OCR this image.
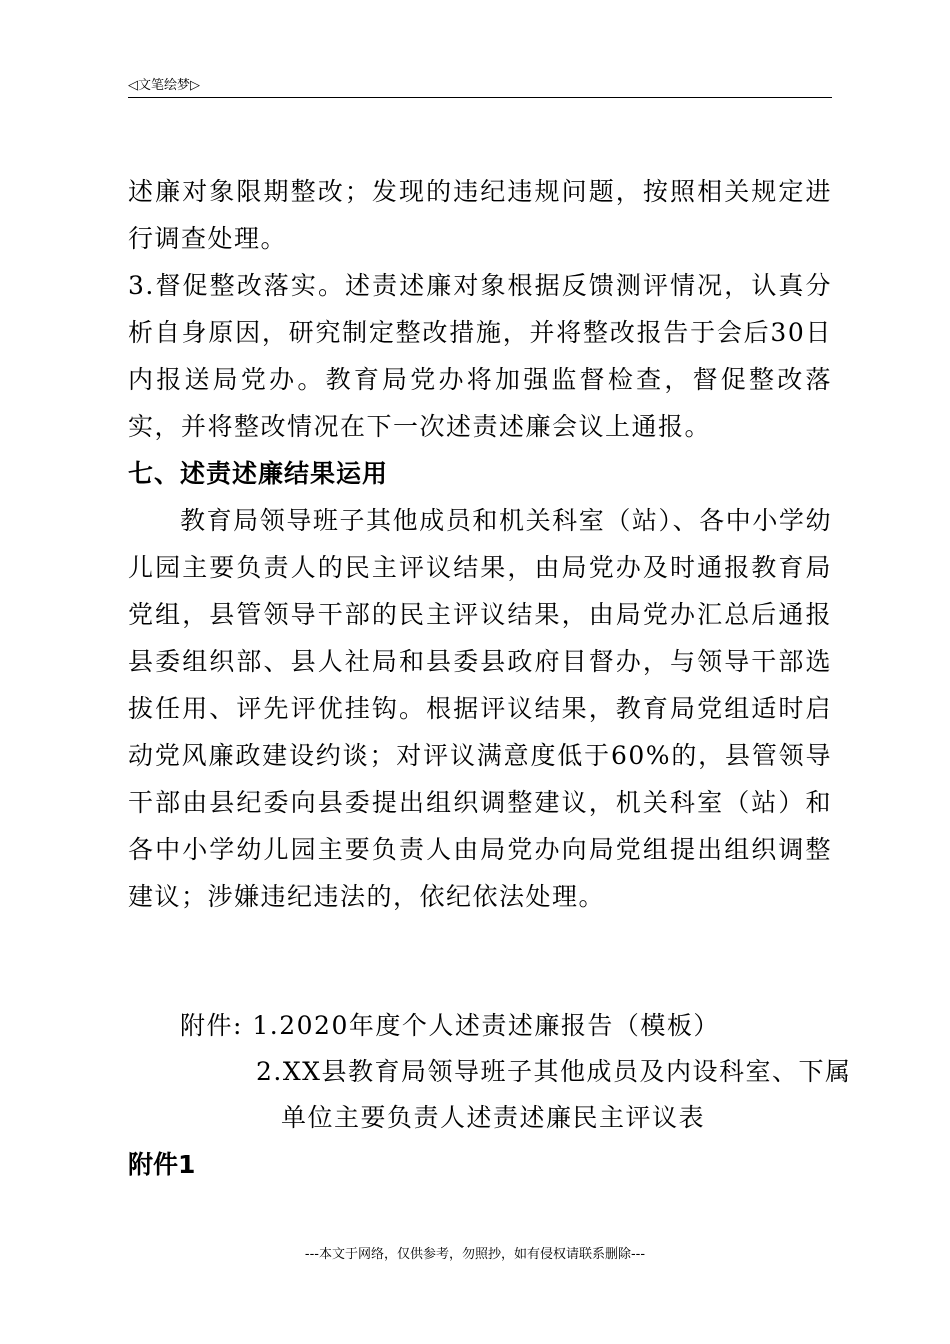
◁文笔绘梦▷

述廉对象限期整改；发现的违纪违规问题，按照相关规定进行调查处理。

3.督促整改落实。述责述廉对象根据反馈测评情况，认真分析自身原因，研究制定整改措施，并将整改报告于会后30日内报送局党办。教育局党办将加强监督检查，督促整改落实，并将整改情况在下一次述责述廉会议上通报。

七、述责述廉结果运用

教育局领导班子其他成员和机关科室（站）、各中小学幼儿园主要负责人的民主评议结果，由局党办及时通报教育局党组，县管领导干部的民主评议结果，由局党办汇总后通报县委组织部、县人社局和县委县政府目督办，与领导干部选拔任用、评先评优挂钩。根据评议结果，教育局党组适时启动党风廉政建设约谈；对评议满意度低于60%的，县管领导干部由县纪委向县委提出组织调整建议，机关科室（站）和各中小学幼儿园主要负责人由局党办向局党组提出组织调整建议；涉嫌违纪违法的，依纪依法处理。

附件: 1.2020年度个人述责述廉报告（模板）

2.XX县教育局领导班子其他成员及内设科室、下属

单位主要负责人述责述廉民主评议表

附件1
---本文于网络，仅供参考，勿照抄，如有侵权请联系删除---
